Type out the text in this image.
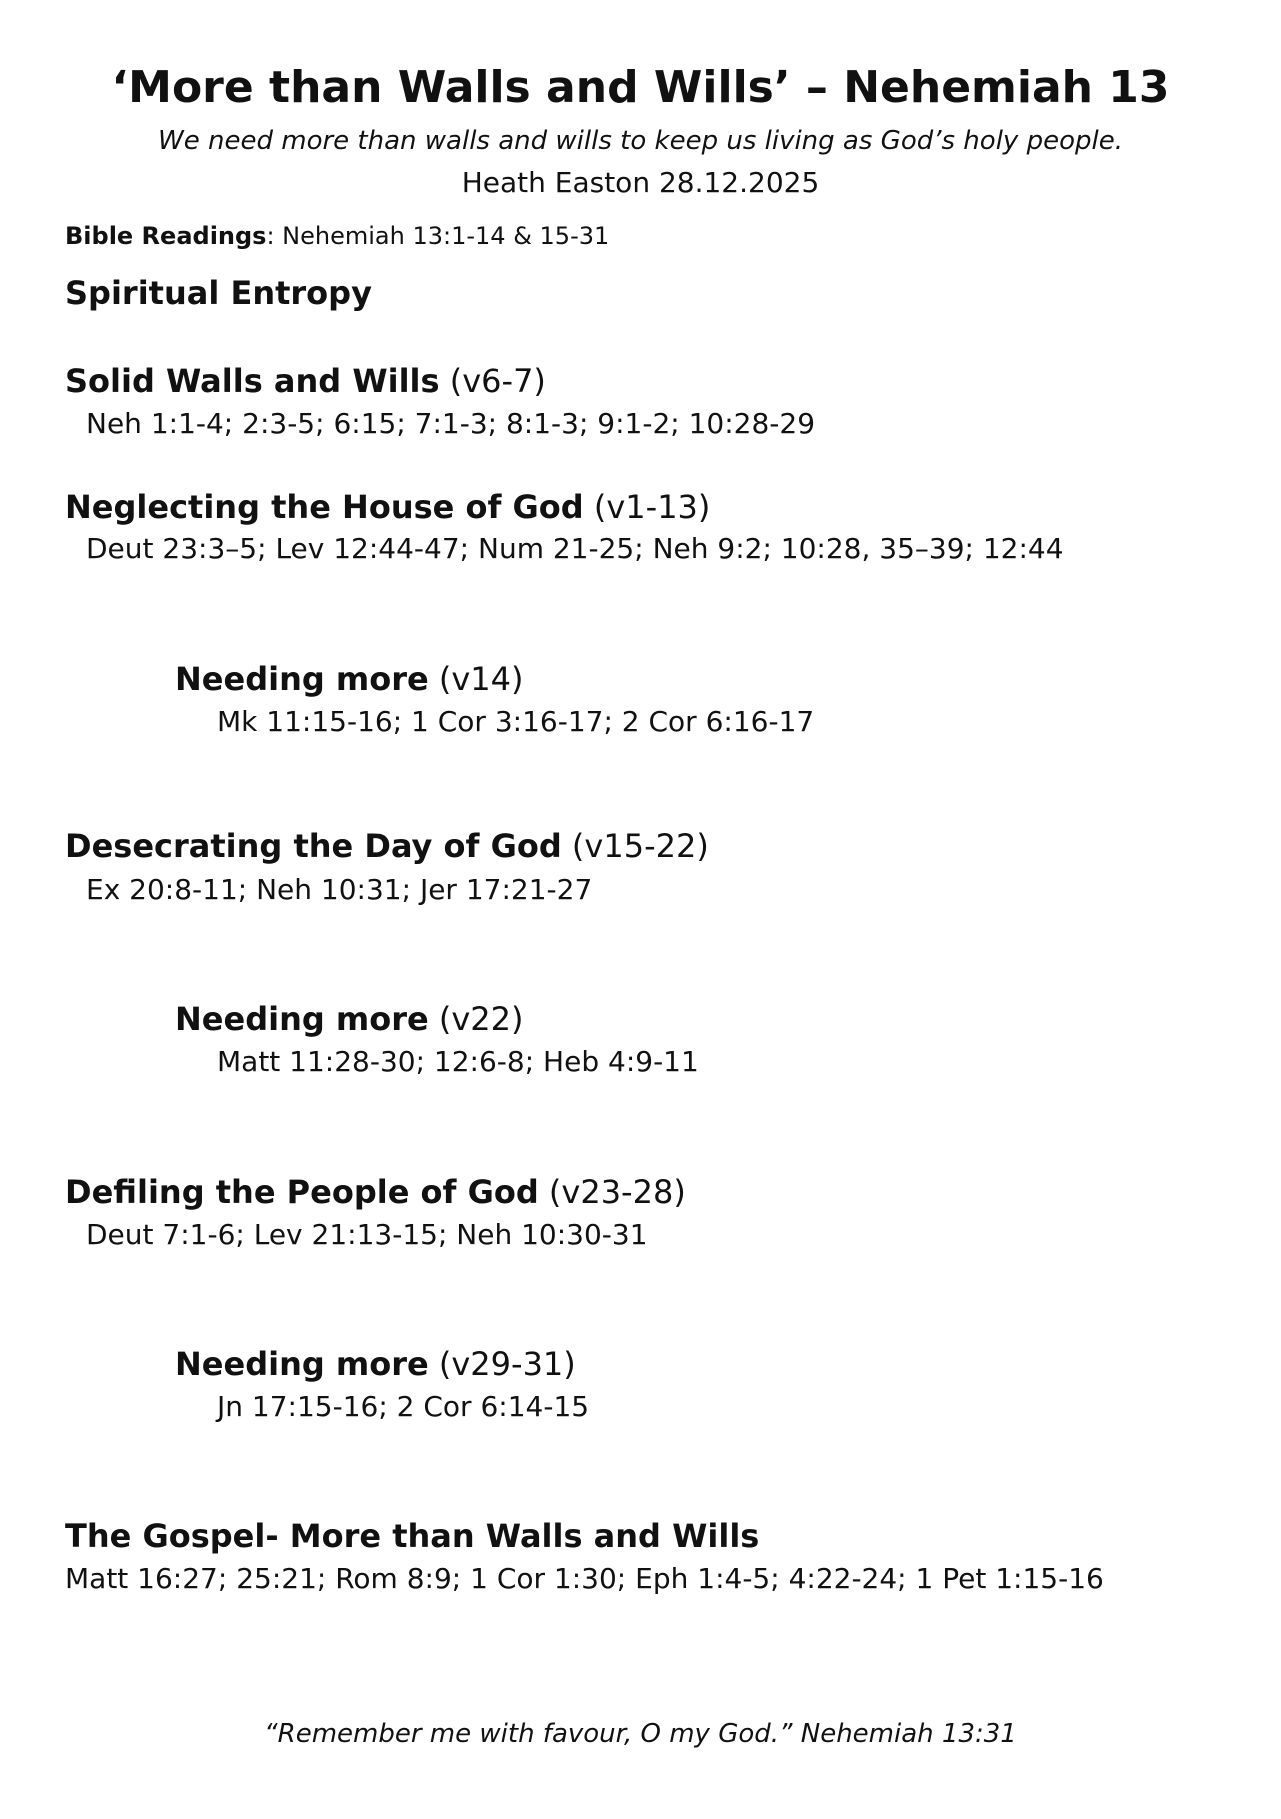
‘More than Walls and Wills’ – Nehemiah 13
We need more than walls and wills to keep us living as God’s holy people.
Heath Easton 28.12.2025
Bible Readings: Nehemiah 13:1-14 & 15-31
Spiritual Entropy
Solid Walls and Wills (v6-7)
Neh 1:1-4; 2:3-5; 6:15; 7:1-3; 8:1-3; 9:1-2; 10:28-29
Neglecting the House of God (v1-13)
Deut 23:3–5; Lev 12:44-47; Num 21-25; Neh 9:2; 10:28, 35–39; 12:44
Needing more (v14)
Mk 11:15-16; 1 Cor 3:16-17; 2 Cor 6:16-17
Desecrating the Day of God (v15-22)
Ex 20:8-11; Neh 10:31; Jer 17:21-27
Needing more (v22)
Matt 11:28-30; 12:6-8; Heb 4:9-11
Defiling the People of God (v23-28)
Deut 7:1-6; Lev 21:13-15; Neh 10:30-31
Needing more (v29-31)
Jn 17:15-16; 2 Cor 6:14-15
The Gospel- More than Walls and Wills
Matt 16:27; 25:21; Rom 8:9; 1 Cor 1:30; Eph 1:4-5; 4:22-24; 1 Pet 1:15-16
“Remember me with favour, O my God.” Nehemiah 13:31
